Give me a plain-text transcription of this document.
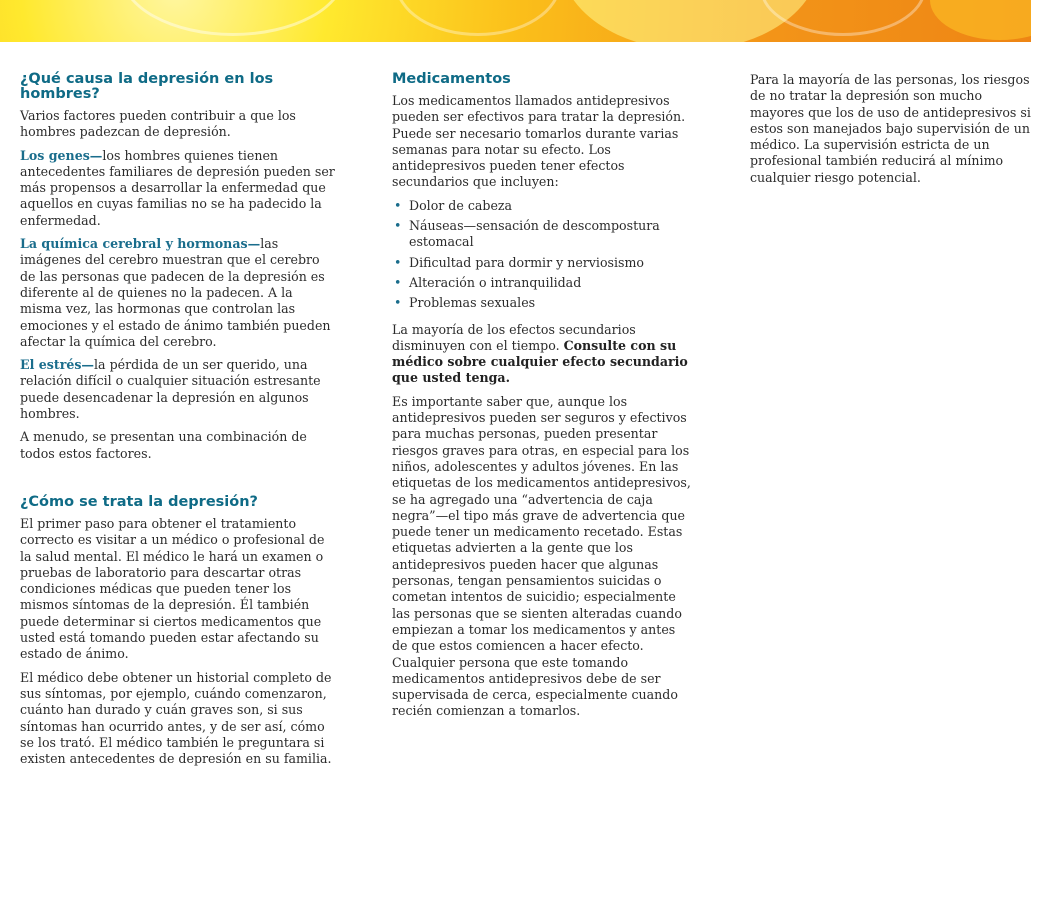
¿Qué causa la depresión en los hombres?

Varios factores pueden contribuir a que los hombres padezcan de depresión.

Los genes—los hombres quienes tienen antecedentes familiares de depresión pueden ser más propensos a desarrollar la enfermedad que aquellos en cuyas familias no se ha padecido la enfermedad.

La química cerebral y hormonas—las imágenes del cerebro muestran que el cerebro de las personas que padecen de la depresión es diferente al de quienes no la padecen. A la misma vez, las hormonas que controlan las emociones y el estado de ánimo también pueden afectar la química del cerebro.

El estrés—la pérdida de un ser querido, una relación difícil o cualquier situación estresante puede desencadenar la depresión en algunos hombres.

A menudo, se presentan una combinación de todos estos factores.

¿Cómo se trata la depresión?

El primer paso para obtener el tratamiento correcto es visitar a un médico o profesional de la salud mental. El médico le hará un examen o pruebas de laboratorio para descartar otras condiciones médicas que pueden tener los mismos síntomas de la depresión. Él también puede determinar si ciertos medicamentos que usted está tomando pueden estar afectando su estado de ánimo.

El médico debe obtener un historial completo de sus síntomas, por ejemplo, cuándo comenzaron, cuánto han durado y cuán graves son, si sus síntomas han ocurrido antes, y de ser así, cómo se los trató. El médico también le preguntara si existen antecedentes de depresión en su familia.

Medicamentos

Los medicamentos llamados antidepresivos pueden ser efectivos para tratar la depresión. Puede ser necesario tomarlos durante varias semanas para notar su efecto. Los antidepresivos pueden tener efectos secundarios que incluyen:

• Dolor de cabeza
• Náuseas—sensación de descompostura estomacal
• Dificultad para dormir y nerviosismo
• Alteración o intranquilidad
• Problemas sexuales

La mayoría de los efectos secundarios disminuyen con el tiempo. Consulte con su médico sobre cualquier efecto secundario que usted tenga.

Es importante saber que, aunque los antidepresivos pueden ser seguros y efectivos para muchas personas, pueden presentar riesgos graves para otras, en especial para los niños, adolescentes y adultos jóvenes. En las etiquetas de los medicamentos antidepresivos, se ha agregado una “advertencia de caja negra”—el tipo más grave de advertencia que puede tener un medicamento recetado. Estas etiquetas advierten a la gente que los antidepresivos pueden hacer que algunas personas, tengan pensamientos suicidas o cometan intentos de suicidio; especialmente las personas que se sienten alteradas cuando empiezan a tomar los medicamentos y antes de que estos comiencen a hacer efecto. Cualquier persona que este tomando medicamentos antidepresivos debe de ser supervisada de cerca, especialmente cuando recién comienzan a tomarlos.

Para la mayoría de las personas, los riesgos de no tratar la depresión son mucho mayores que los de uso de antidepresivos si estos son manejados bajo supervisión de un médico. La supervisión estricta de un profesional también reducirá al mínimo cualquier riesgo potencial.
